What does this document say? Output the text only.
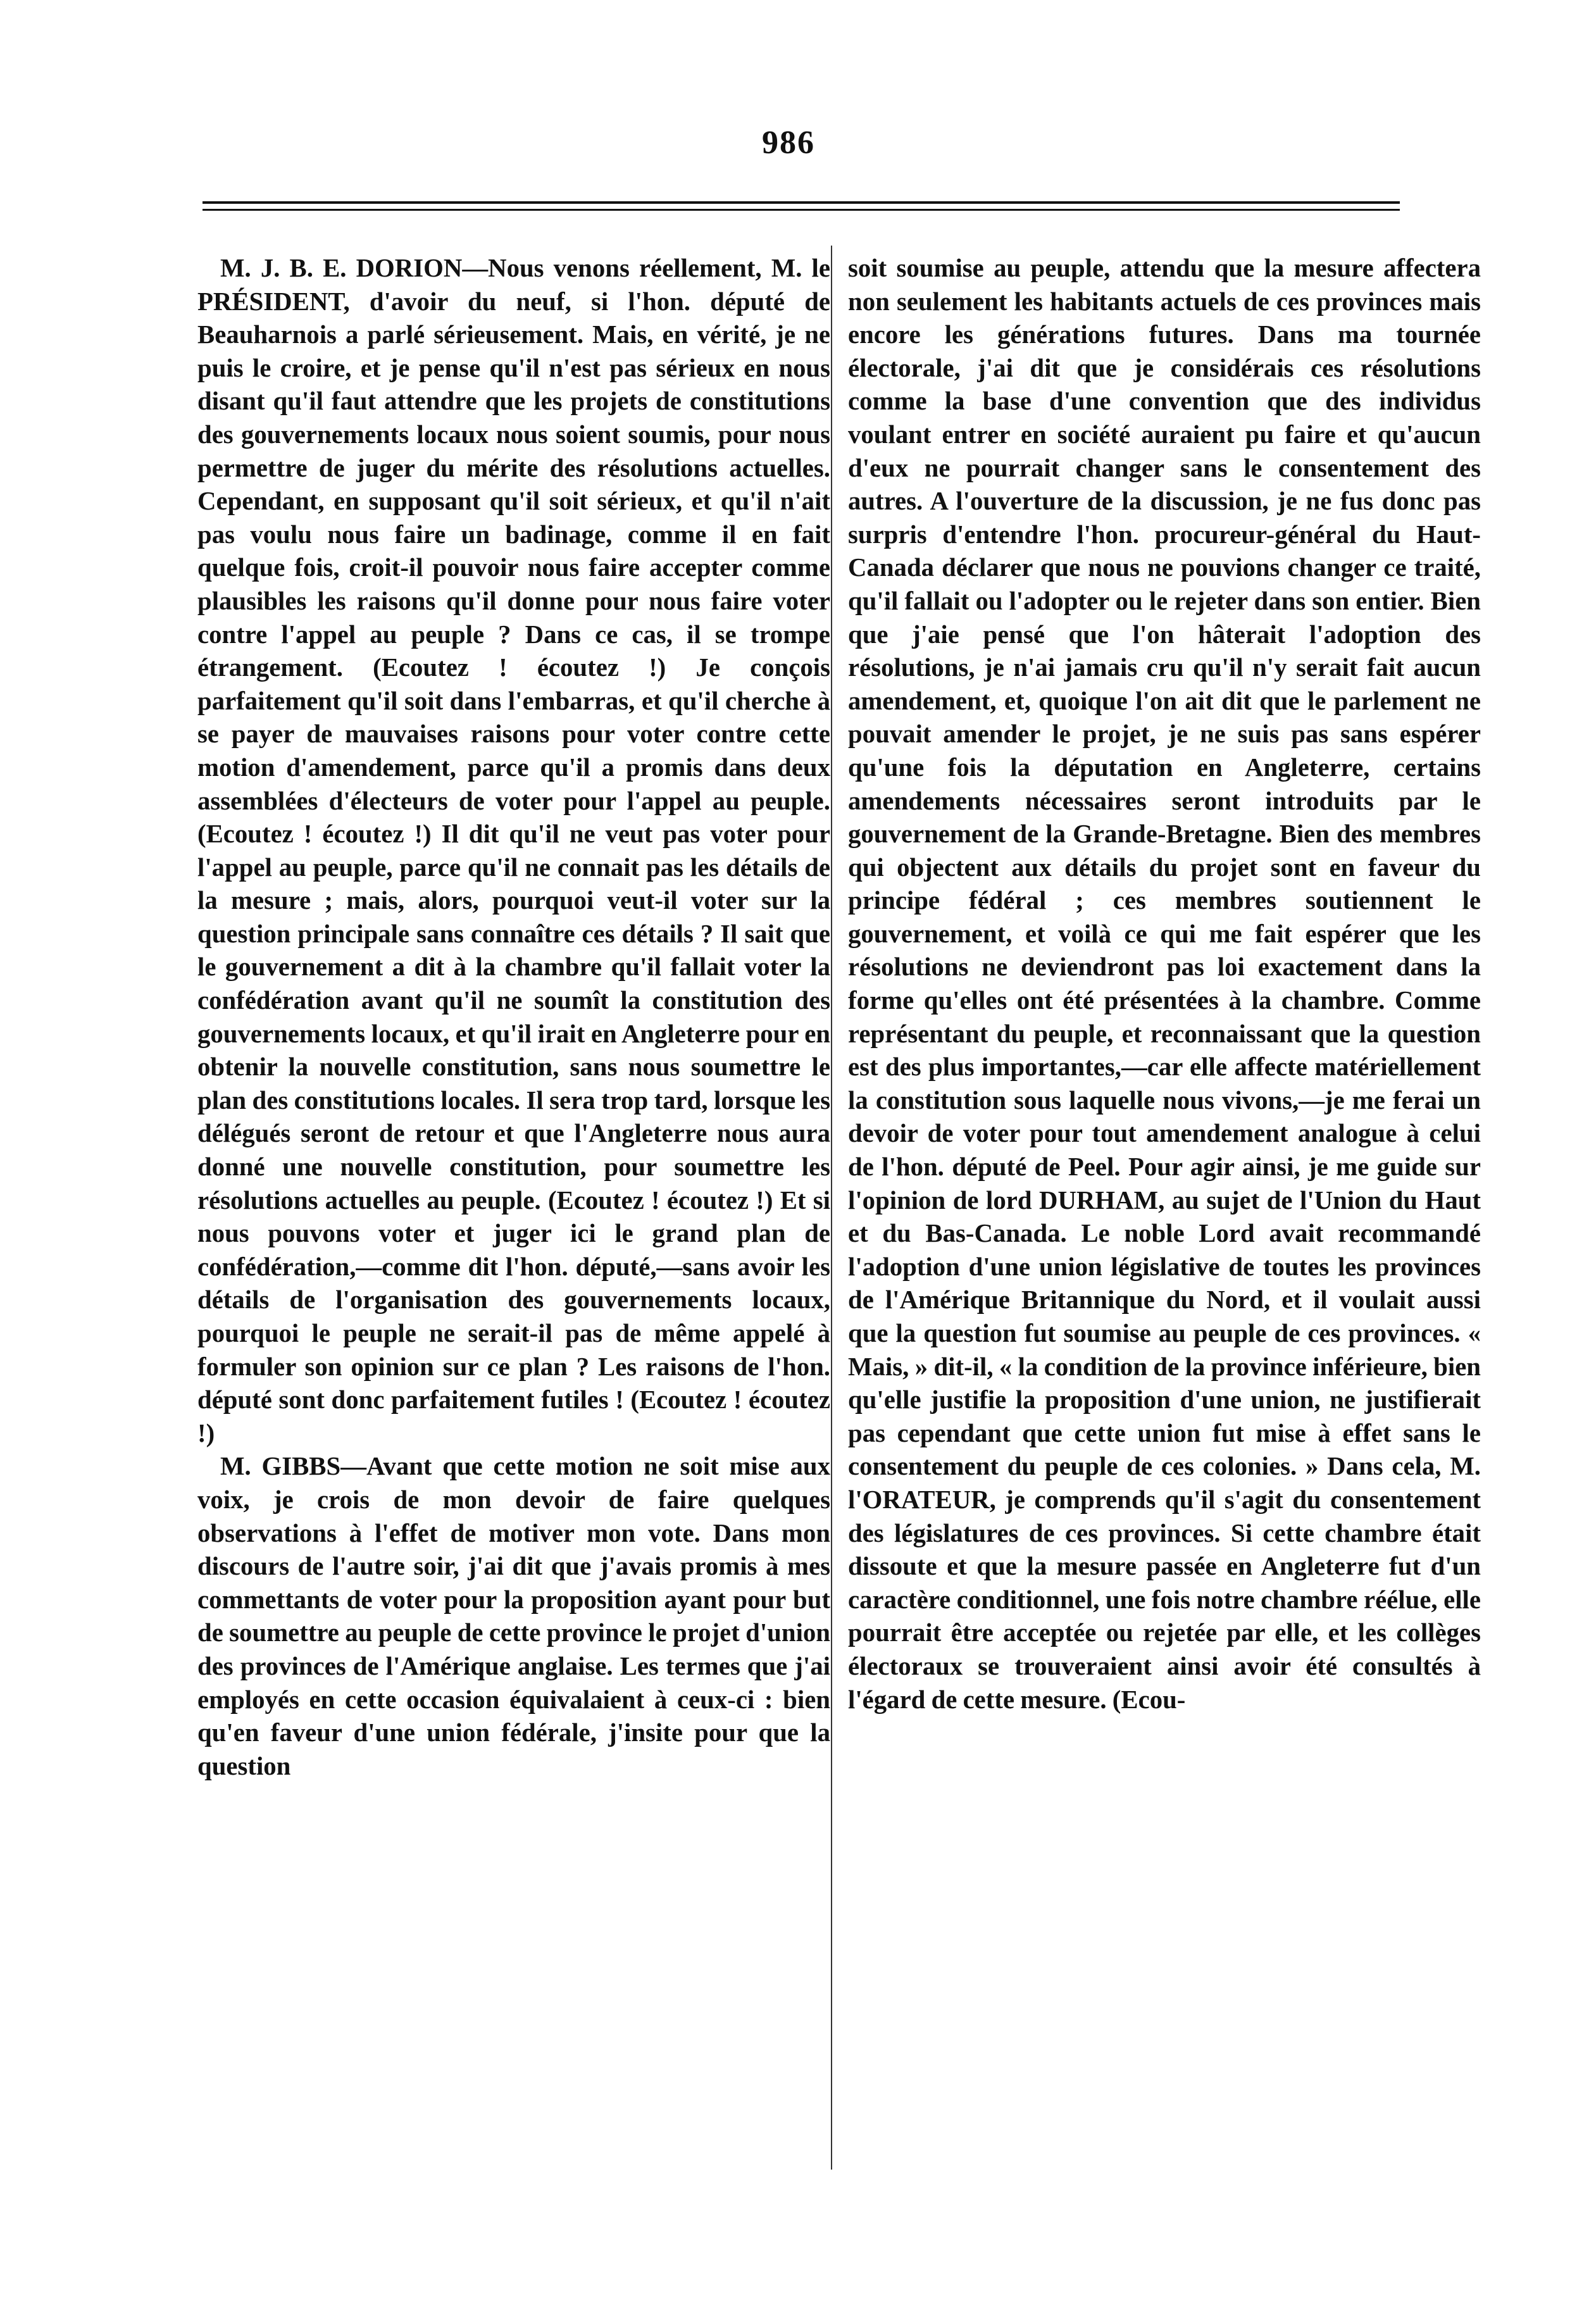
986

M. J. B. E. DORION—Nous venons réellement, M. le PRÉSIDENT, d'avoir du neuf, si l'hon. député de Beauharnois a parlé sérieusement. Mais, en vérité, je ne puis le croire, et je pense qu'il n'est pas sérieux en nous disant qu'il faut attendre que les projets de constitutions des gouvernements locaux nous soient soumis, pour nous permettre de juger du mérite des résolutions actuelles. Cependant, en supposant qu'il soit sérieux, et qu'il n'ait pas voulu nous faire un badinage, comme il en fait quelque fois, croit-il pouvoir nous faire accepter comme plausibles les raisons qu'il donne pour nous faire voter contre l'appel au peuple ? Dans ce cas, il se trompe étrangement. (Ecoutez ! écoutez !) Je conçois parfaitement qu'il soit dans l'embarras, et qu'il cherche à se payer de mauvaises raisons pour voter contre cette motion d'amendement, parce qu'il a promis dans deux assemblées d'électeurs de voter pour l'appel au peuple. (Ecoutez ! écoutez !) Il dit qu'il ne veut pas voter pour l'appel au peuple, parce qu'il ne connait pas les détails de la mesure ; mais, alors, pourquoi veut-il voter sur la question principale sans connaître ces détails ? Il sait que le gouvernement a dit à la chambre qu'il fallait voter la confédération avant qu'il ne soumît la constitution des gouvernements locaux, et qu'il irait en Angleterre pour en obtenir la nouvelle constitution, sans nous soumettre le plan des constitutions locales. Il sera trop tard, lorsque les délégués seront de retour et que l'Angleterre nous aura donné une nouvelle constitution, pour soumettre les résolutions actuelles au peuple. (Ecoutez ! écoutez !) Et si nous pouvons voter et juger ici le grand plan de confédération,—comme dit l'hon. député,—sans avoir les détails de l'organisation des gouvernements locaux, pourquoi le peuple ne serait-il pas de même appelé à formuler son opinion sur ce plan ? Les raisons de l'hon. député sont donc parfaitement futiles ! (Ecoutez ! écoutez !)

M. GIBBS—Avant que cette motion ne soit mise aux voix, je crois de mon devoir de faire quelques observations à l'effet de motiver mon vote. Dans mon discours de l'autre soir, j'ai dit que j'avais promis à mes commettants de voter pour la proposition ayant pour but de soumettre au peuple de cette province le projet d'union des provinces de l'Amérique anglaise. Les termes que j'ai employés en cette occasion équivalaient à ceux-ci : bien qu'en faveur d'une union fédérale, j'insite pour que la question

soit soumise au peuple, attendu que la mesure affectera non seulement les habitants actuels de ces provinces mais encore les générations futures. Dans ma tournée électorale, j'ai dit que je considérais ces résolutions comme la base d'une convention que des individus voulant entrer en société auraient pu faire et qu'aucun d'eux ne pourrait changer sans le consentement des autres. A l'ouverture de la discussion, je ne fus donc pas surpris d'entendre l'hon. procureur-général du Haut-Canada déclarer que nous ne pouvions changer ce traité, qu'il fallait ou l'adopter ou le rejeter dans son entier. Bien que j'aie pensé que l'on hâterait l'adoption des résolutions, je n'ai jamais cru qu'il n'y serait fait aucun amendement, et, quoique l'on ait dit que le parlement ne pouvait amender le projet, je ne suis pas sans espérer qu'une fois la députation en Angleterre, certains amendements nécessaires seront introduits par le gouvernement de la Grande-Bretagne. Bien des membres qui objectent aux détails du projet sont en faveur du principe fédéral ; ces membres soutiennent le gouvernement, et voilà ce qui me fait espérer que les résolutions ne deviendront pas loi exactement dans la forme qu'elles ont été présentées à la chambre. Comme représentant du peuple, et reconnaissant que la question est des plus importantes,—car elle affecte matériellement la constitution sous laquelle nous vivons,—je me ferai un devoir de voter pour tout amendement analogue à celui de l'hon. député de Peel. Pour agir ainsi, je me guide sur l'opinion de lord DURHAM, au sujet de l'Union du Haut et du Bas-Canada. Le noble Lord avait recommandé l'adoption d'une union législative de toutes les provinces de l'Amérique Britannique du Nord, et il voulait aussi que la question fut soumise au peuple de ces provinces. « Mais, » dit-il, « la condition de la province inférieure, bien qu'elle justifie la proposition d'une union, ne justifierait pas cependant que cette union fut mise à effet sans le consentement du peuple de ces colonies. » Dans cela, M. l'ORATEUR, je comprends qu'il s'agit du consentement des législatures de ces provinces. Si cette chambre était dissoute et que la mesure passée en Angleterre fut d'un caractère conditionnel, une fois notre chambre réélue, elle pourrait être acceptée ou rejetée par elle, et les collèges électoraux se trouveraient ainsi avoir été consultés à l'égard de cette mesure. (Ecou-
